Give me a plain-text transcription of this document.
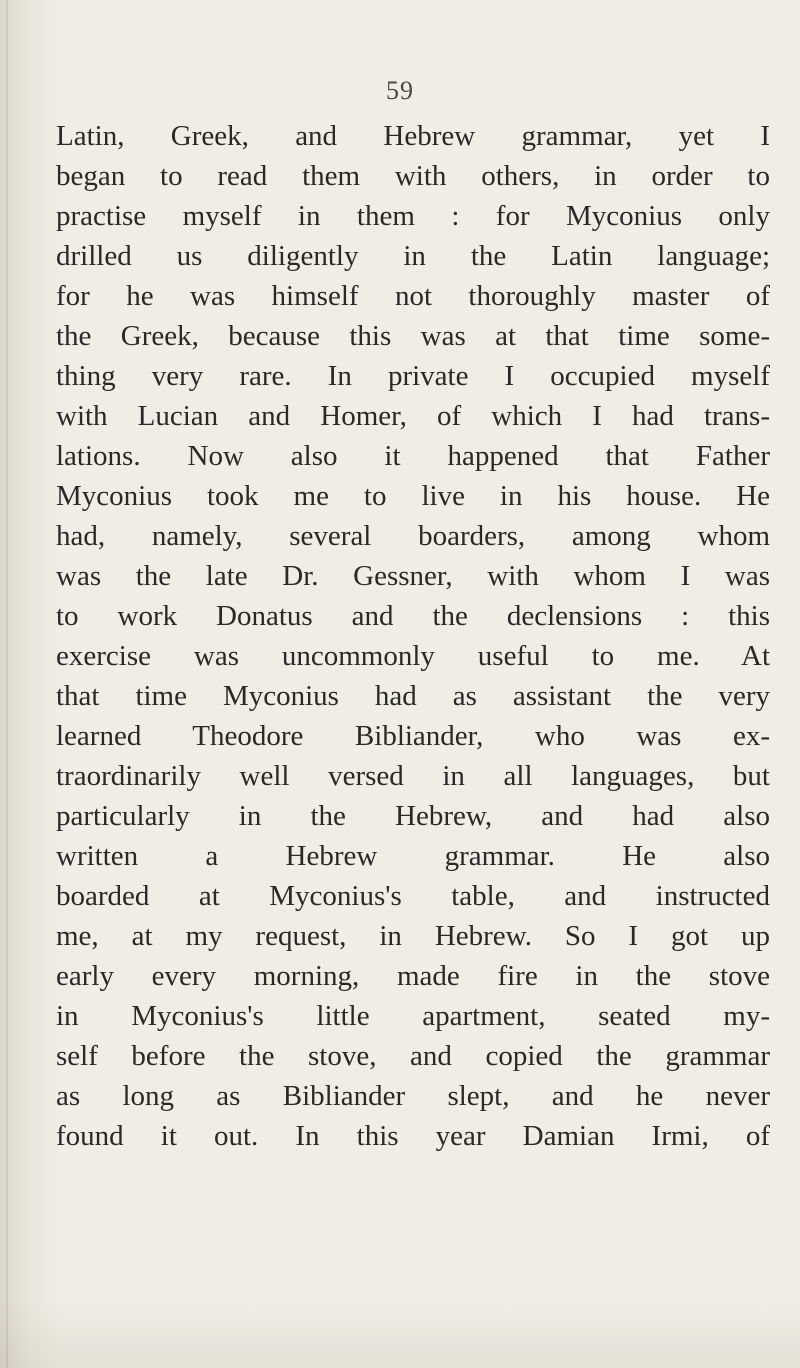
59
Latin, Greek, and Hebrew grammar, yet I
began to read them with others, in order to
practise myself in them : for Myconius only
drilled us diligently in the Latin language;
for he was himself not thoroughly master of
the Greek, because this was at that time some-
thing very rare. In private I occupied myself
with Lucian and Homer, of which I had trans-
lations. Now also it happened that Father
Myconius took me to live in his house. He
had, namely, several boarders, among whom
was the late Dr. Gessner, with whom I was
to work Donatus and the declensions : this
exercise was uncommonly useful to me. At
that time Myconius had as assistant the very
learned Theodore Bibliander, who was ex-
traordinarily well versed in all languages, but
particularly in the Hebrew, and had also
written a Hebrew grammar. He also
boarded at Myconius's table, and instructed
me, at my request, in Hebrew. So I got up
early every morning, made fire in the stove
in Myconius's little apartment, seated my-
self before the stove, and copied the grammar
as long as Bibliander slept, and he never
found it out. In this year Damian Irmi, of
